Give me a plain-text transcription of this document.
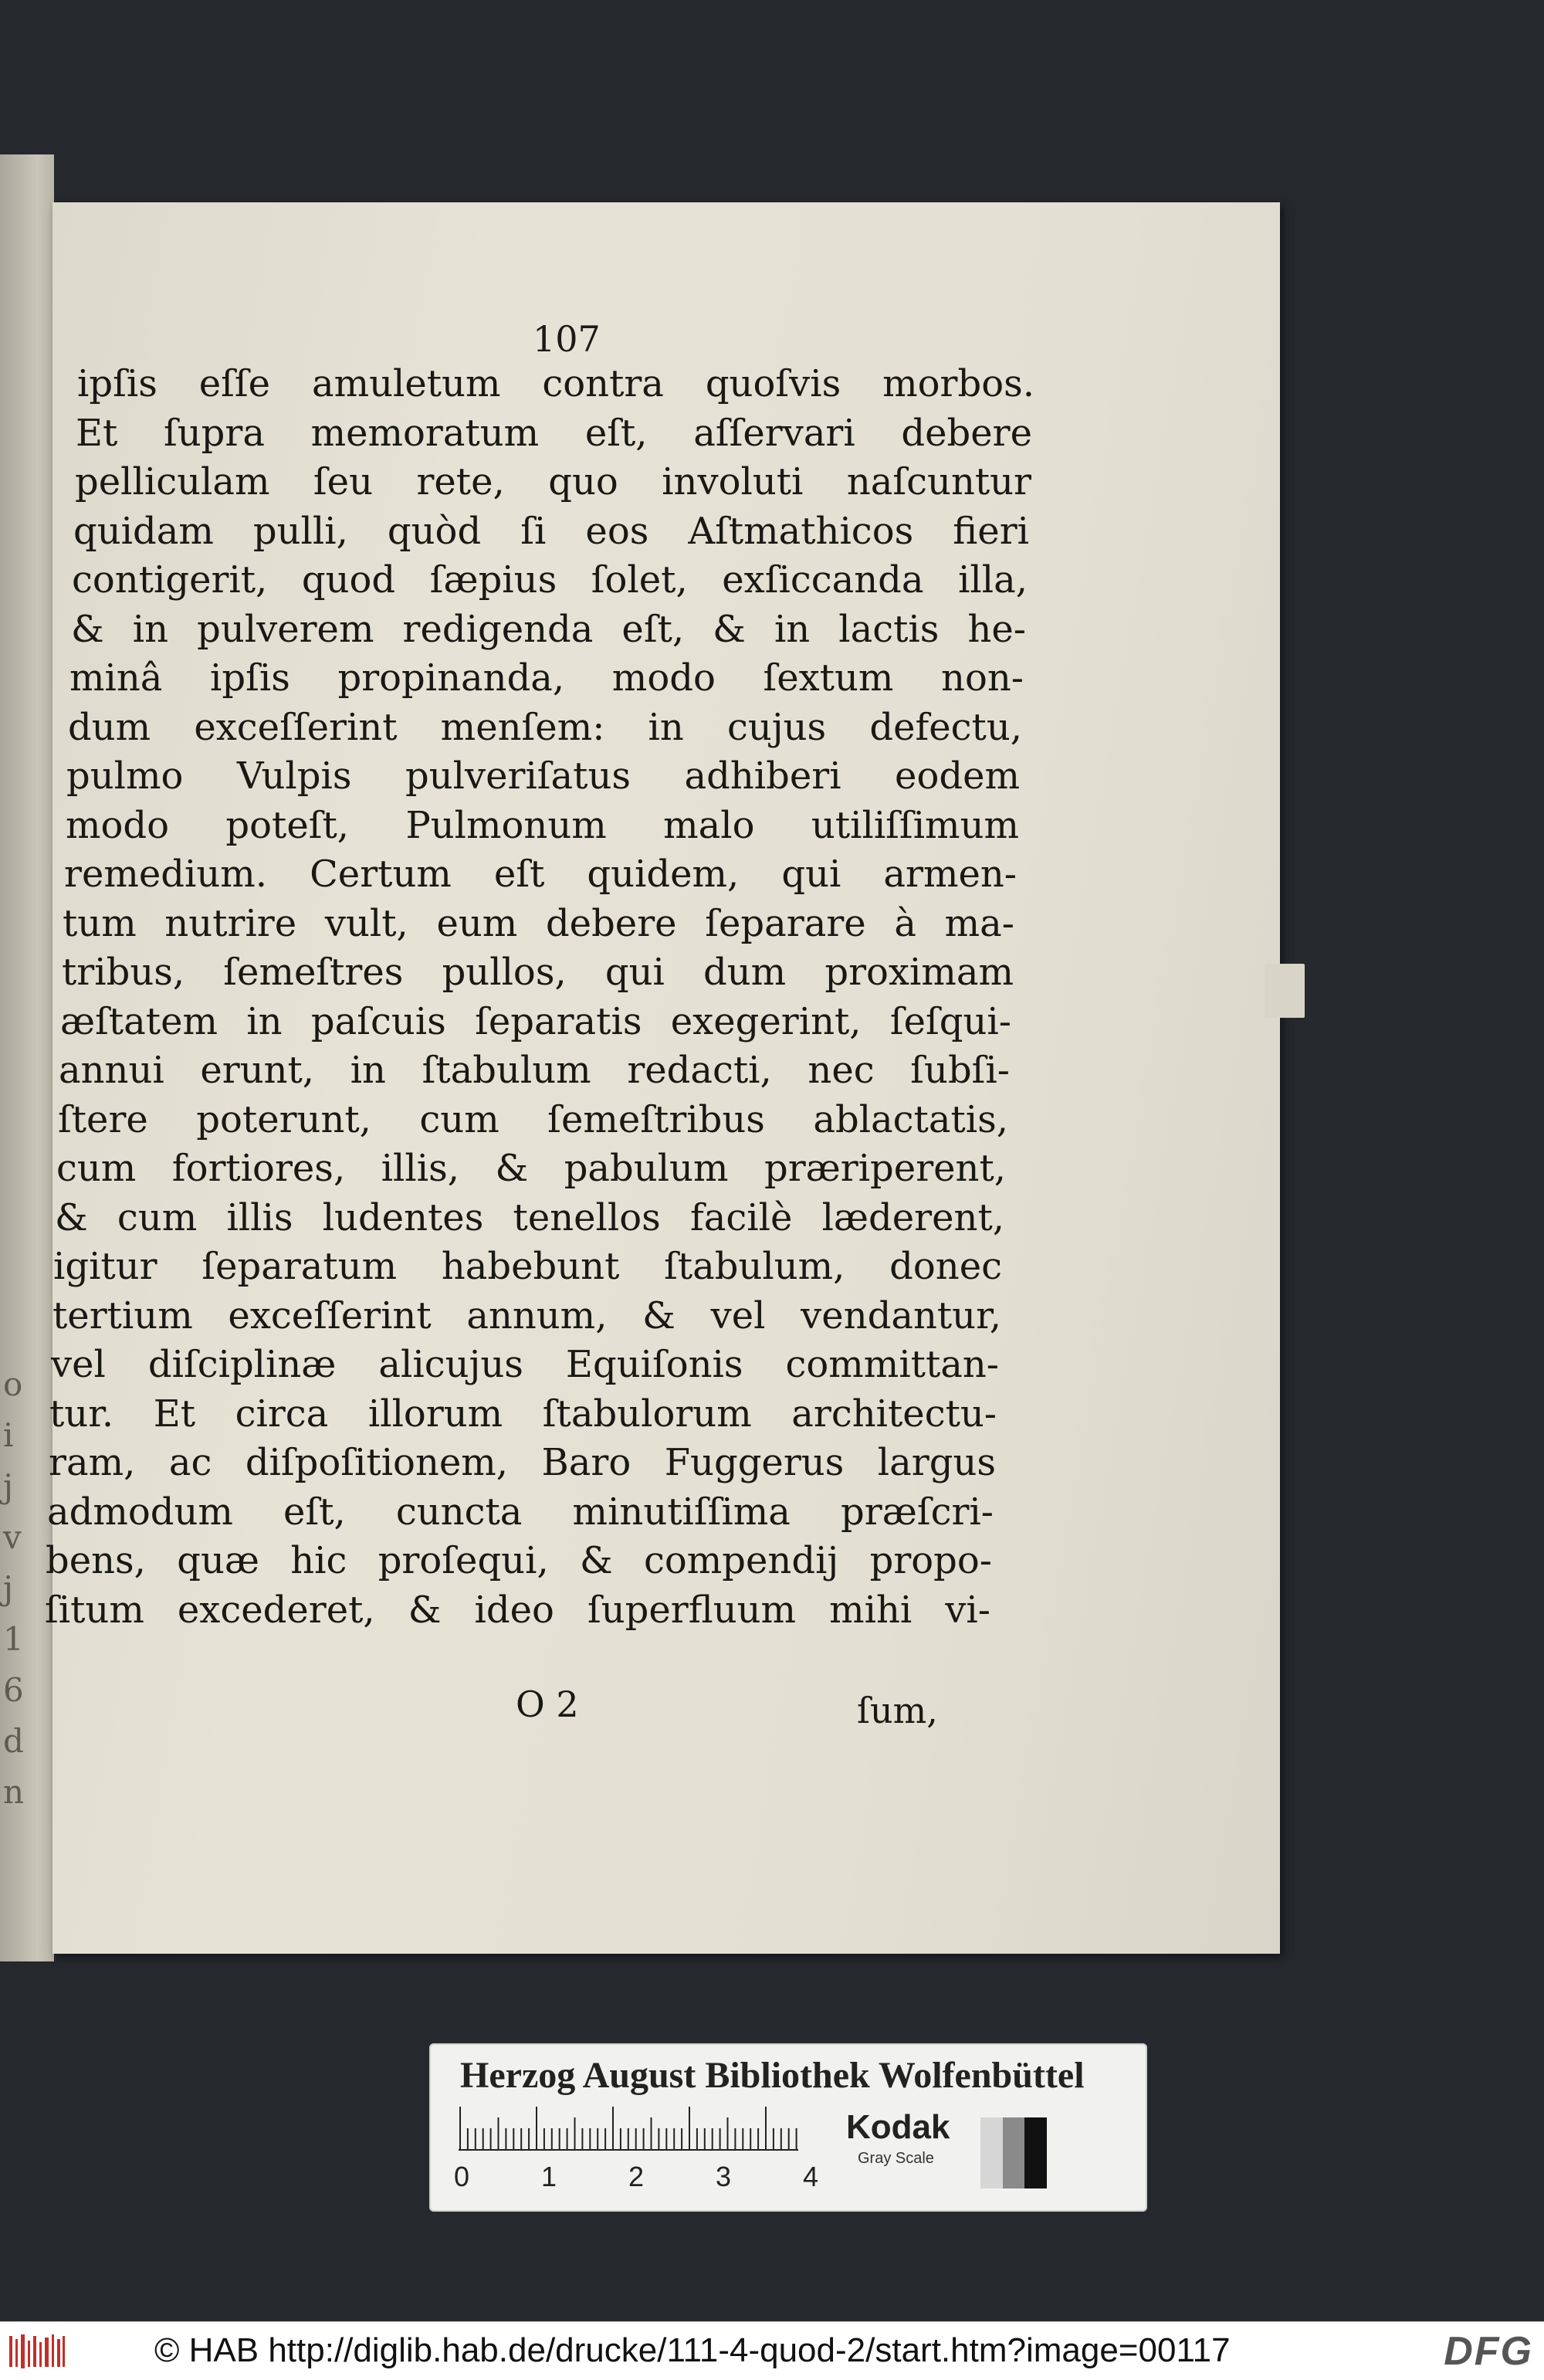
o
i
j
v
j
1
6
d
n
107
ipſis eſſe amuletum contra quoſvis morbos.
Et ſupra memoratum eſt, aſſervari debere
pelliculam ſeu rete, quo involuti naſcuntur
quidam pulli, quòd ſi eos Aſtmathicos fieri
contigerit, quod ſæpius ſolet, exſiccanda illa,
& in pulverem redigenda eſt, & in lactis he-
minâ ipſis propinanda, modo ſextum non-
dum exceſſerint menſem: in cujus defectu,
pulmo Vulpis pulveriſatus adhiberi eodem
modo poteſt, Pulmonum malo utiliſſimum
remedium. Certum eſt quidem, qui armen-
tum nutrire vult, eum debere ſeparare à ma-
tribus, ſemeſtres pullos, qui dum proximam
æſtatem in paſcuis ſeparatis exegerint, ſeſqui-
annui erunt, in ſtabulum redacti, nec ſubſi-
ſtere poterunt, cum ſemeſtribus ablactatis,
cum fortiores, illis, & pabulum præriperent,
& cum illis ludentes tenellos facilè læderent,
igitur ſeparatum habebunt ſtabulum, donec
tertium exceſſerint annum, & vel vendantur,
vel diſciplinæ alicujus Equiſonis committan-
tur. Et circa illorum ſtabulorum architectu-
ram, ac diſpoſitionem, Baro Fuggerus largus
admodum eſt, cuncta minutiſſima præſcri-
bens, quæ hic proſequi, & compendij propo-
ſitum excederet, & ideo ſuperfluum mihi vi-
O 2	ſum,
Herzog August Bibliothek Wolfenbüttel
0	1	2	3	4
Kodak
Gray Scale
© HAB http://diglib.hab.de/drucke/111-4-quod-2/start.htm?image=00117	DFG
